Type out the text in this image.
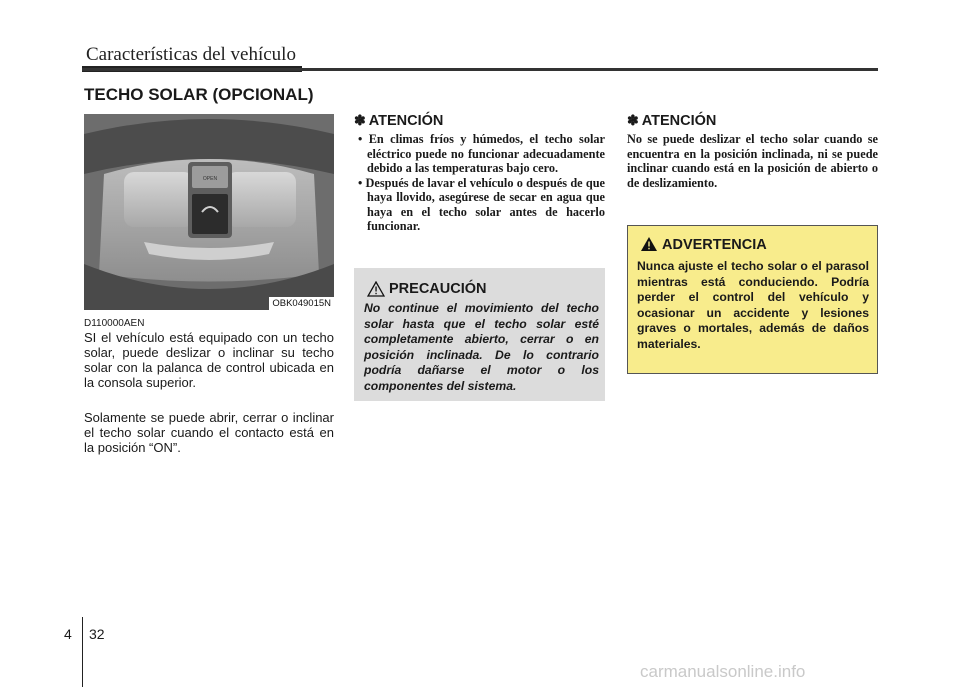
Características del vehículo
TECHO SOLAR (OPCIONAL)
OPEN
OBK049015N
D110000AEN
SI el vehículo está equipado con un techo solar, puede deslizar o inclinar su techo solar con la palanca de control ubicada en la consola superior.
Solamente se puede abrir, cerrar o inclinar el techo solar cuando el contacto está en la posición “ON”.
✽ ATENCIÓN
• En climas fríos y húmedos, el techo solar eléctrico puede no funcionar adecuadamente debido a las temperaturas bajo cero.
• Después de lavar el vehículo o después de que haya llovido, asegúrese de secar en agua que haya en el techo solar antes de hacerlo funcionar.
PRECAUCIÓN
No continue el movimiento del techo solar hasta que el techo solar esté completamente abierto, cerrar o en posición inclinada. De lo contrario podría dañarse el motor o los componentes del sistema.
✽ ATENCIÓN
No se puede deslizar el techo solar cuando se encuentra en la posición inclinada, ni se puede inclinar cuando está en la posición de abierto o de deslizamiento.
ADVERTENCIA
Nunca ajuste el techo solar o el parasol mientras está conduciendo. Podría perder el control del vehículo y ocasionar un accidente y lesiones graves o mortales, además de daños materiales.
4 32
carmanualsonline.info
